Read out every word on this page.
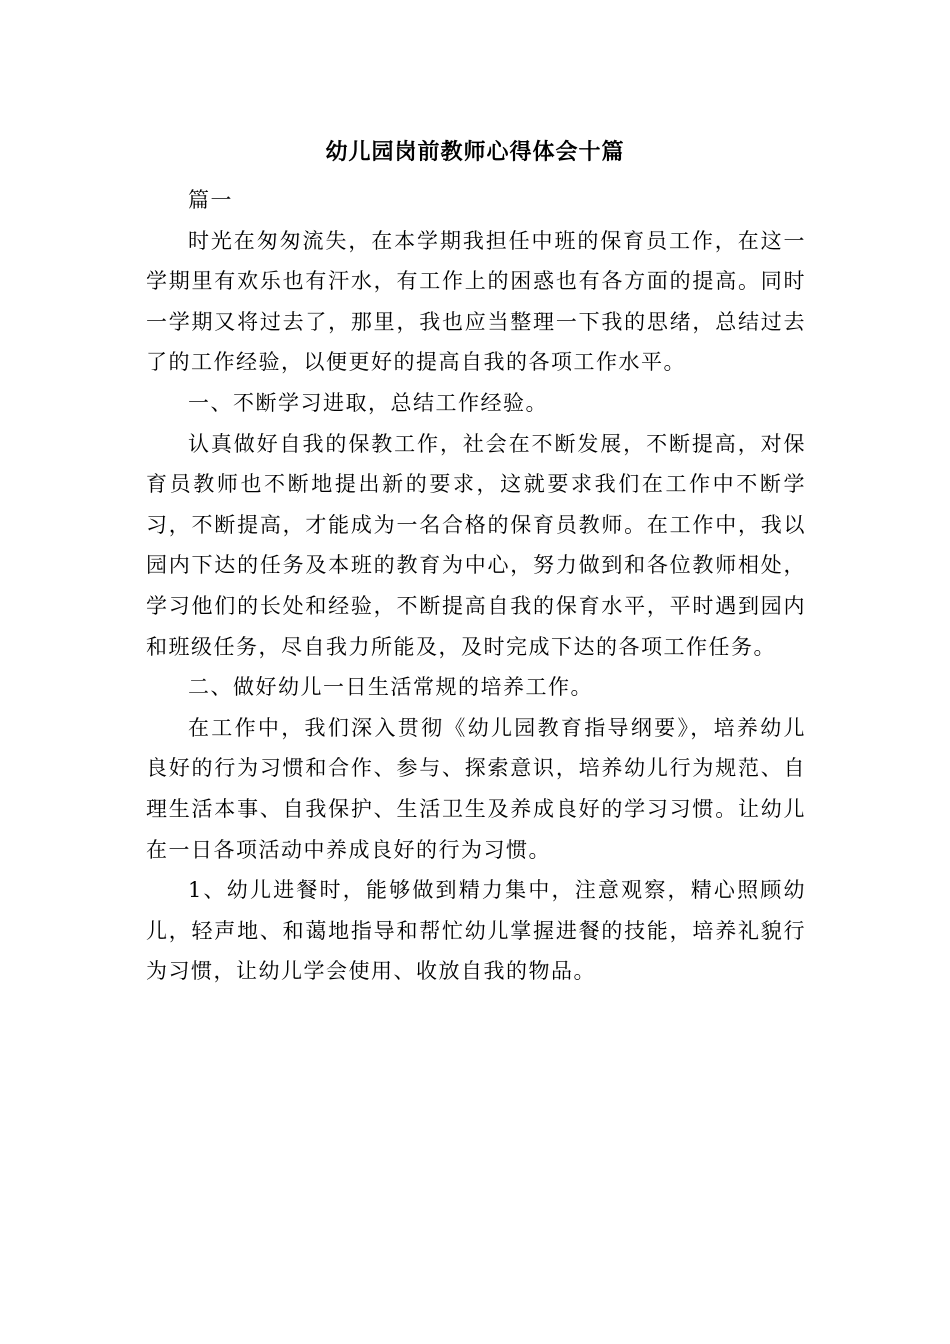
幼儿园岗前教师心得体会十篇

篇一

时光在匆匆流失，在本学期我担任中班的保育员工作，在这一学期里有欢乐也有汗水，有工作上的困惑也有各方面的提高。同时一学期又将过去了，那里，我也应当整理一下我的思绪，总结过去了的工作经验，以便更好的提高自我的各项工作水平。

一、不断学习进取，总结工作经验。

认真做好自我的保教工作，社会在不断发展，不断提高，对保育员教师也不断地提出新的要求，这就要求我们在工作中不断学习，不断提高，才能成为一名合格的保育员教师。在工作中，我以园内下达的任务及本班的教育为中心，努力做到和各位教师相处，学习他们的长处和经验，不断提高自我的保育水平，平时遇到园内和班级任务，尽自我力所能及，及时完成下达的各项工作任务。

二、做好幼儿一日生活常规的培养工作。

在工作中，我们深入贯彻《幼儿园教育指导纲要》，培养幼儿良好的行为习惯和合作、参与、探索意识，培养幼儿行为规范、自理生活本事、自我保护、生活卫生及养成良好的学习习惯。让幼儿在一日各项活动中养成良好的行为习惯。

1、幼儿进餐时，能够做到精力集中，注意观察，精心照顾幼儿，轻声地、和蔼地指导和帮忙幼儿掌握进餐的技能，培养礼貌行为习惯，让幼儿学会使用、收放自我的物品。
